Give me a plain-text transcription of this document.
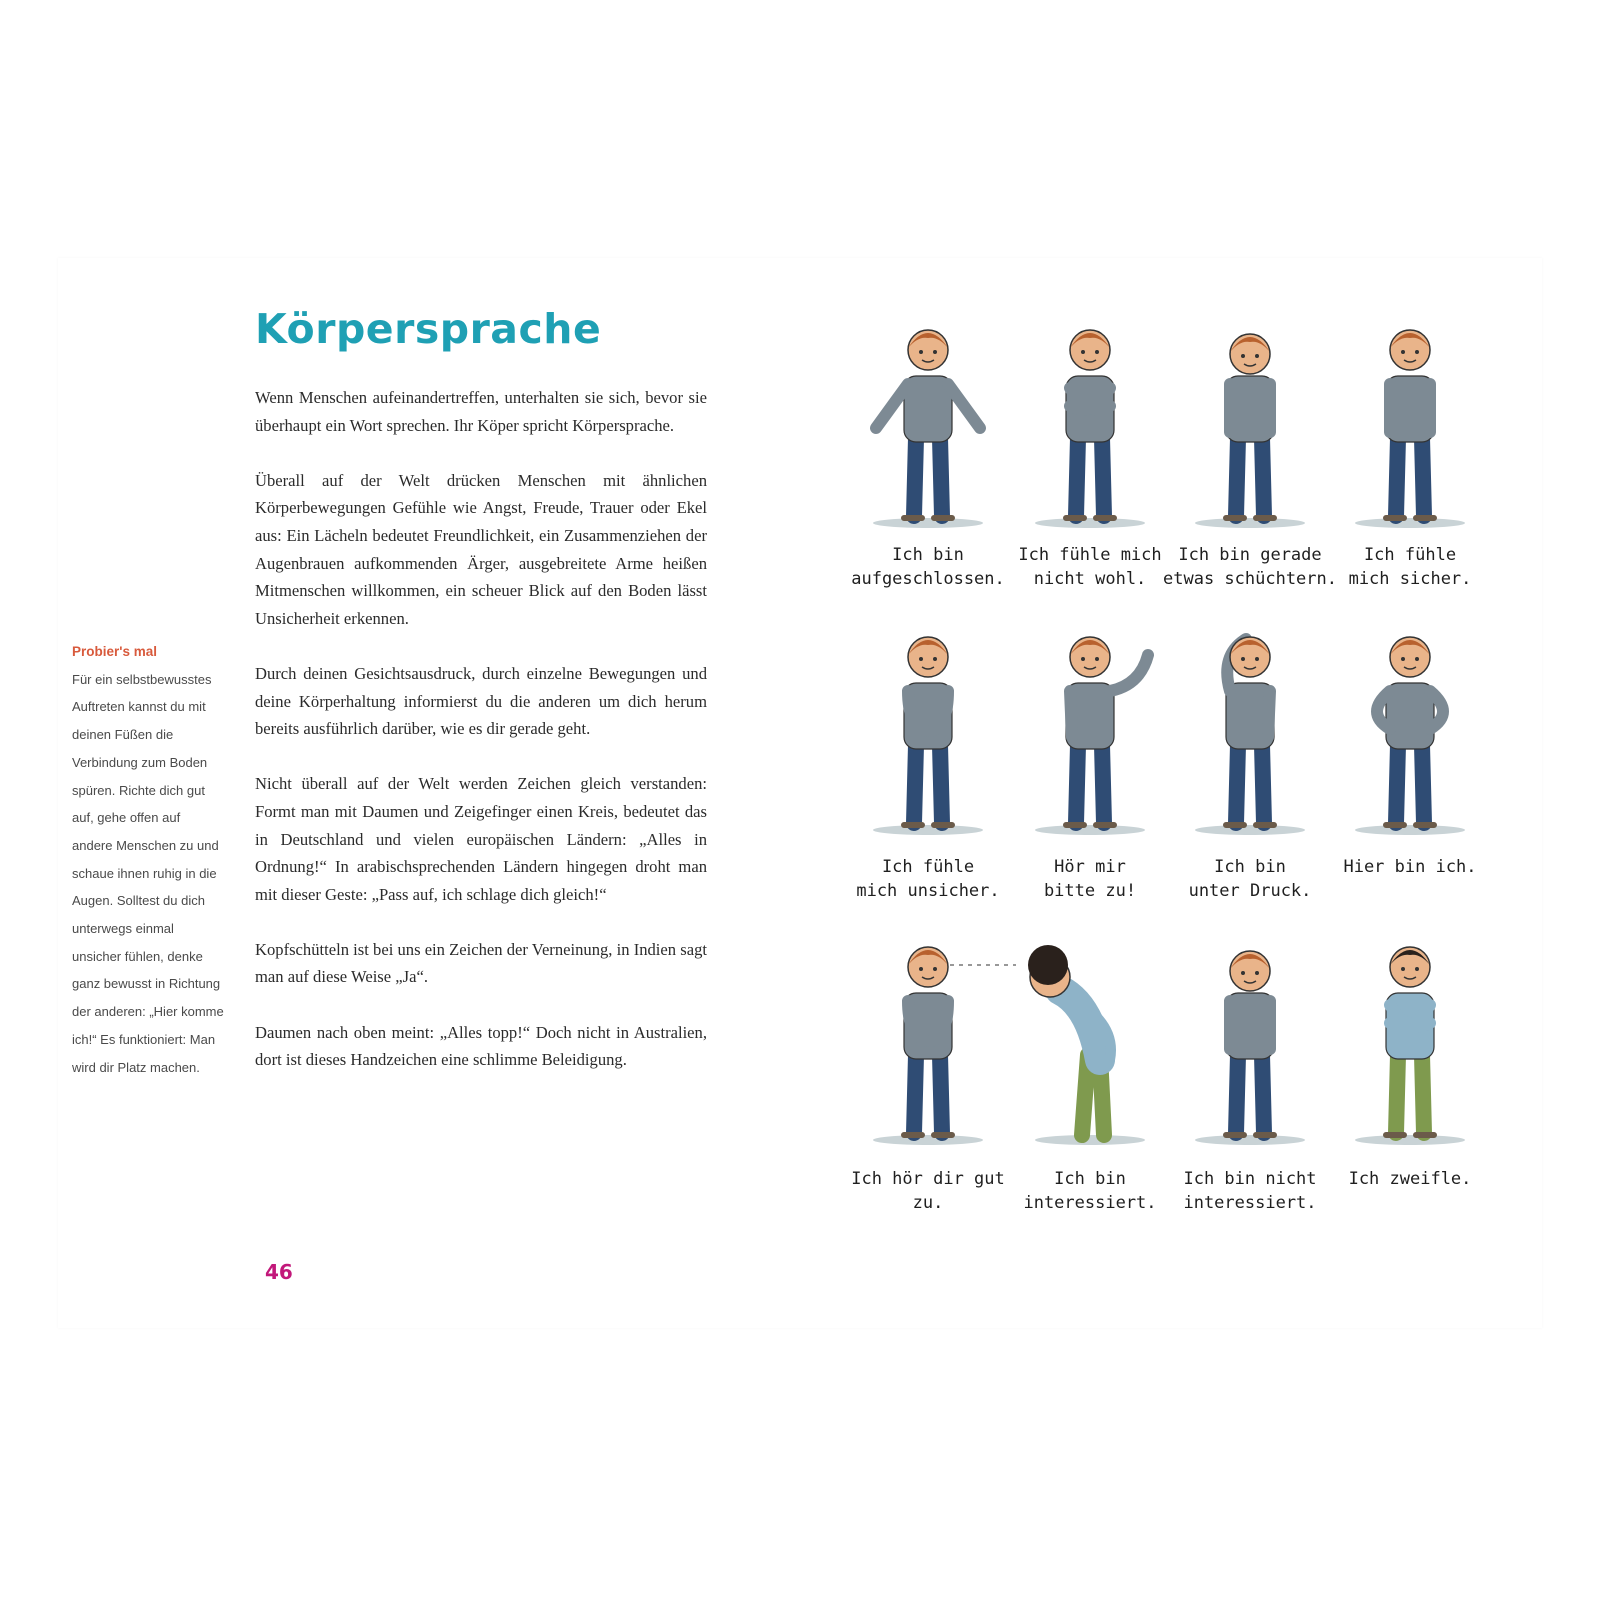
Körpersprache

Wenn Menschen aufeinandertreffen, unterhalten sie sich, bevor sie überhaupt ein Wort sprechen. Ihr Köper spricht Körpersprache.

Überall auf der Welt drücken Menschen mit ähnlichen Körperbewegungen Gefühle wie Angst, Freude, Trauer oder Ekel aus: Ein Lächeln bedeutet Freundlichkeit, ein Zusammenziehen der Augenbrauen aufkommenden Ärger, ausgebreitete Arme heißen Mitmenschen willkommen, ein scheuer Blick auf den Boden lässt Unsicherheit erkennen.

Durch deinen Gesichtsausdruck, durch einzelne Bewegungen und deine Körperhaltung informierst du die anderen um dich herum bereits ausführlich darüber, wie es dir gerade geht.

Nicht überall auf der Welt werden Zeichen gleich verstanden: Formt man mit Daumen und Zeigefinger einen Kreis, bedeutet das in Deutschland und vielen europäischen Ländern: „Alles in Ordnung!“ In arabischsprechenden Ländern hingegen droht man mit dieser Geste: „Pass auf, ich schlage dich gleich!“

Kopfschütteln ist bei uns ein Zeichen der Verneinung, in Indien sagt man auf diese Weise „Ja“.

Daumen nach oben meint: „Alles topp!“ Doch nicht in Australien, dort ist dieses Handzeichen eine schlimme Beleidigung.

Probier's mal
Für ein selbstbewusstes Auftreten kannst du mit deinen Füßen die Verbindung zum Boden spüren. Richte dich gut auf, gehe offen auf andere Menschen zu und schaue ihnen ruhig in die Augen. Solltest du dich unterwegs einmal unsicher fühlen, denke ganz bewusst in Richtung der anderen: „Hier komme ich!“ Es funktioniert: Man wird dir Platz machen.
46
Ich bin
aufgeschlossen.
Ich fühle mich
nicht wohl.
Ich bin gerade
etwas schüchtern.
Ich fühle
mich sicher.
Ich fühle
mich unsicher.
Hör mir
bitte zu!
Ich bin
unter Druck.
Hier bin ich.
Ich hör dir gut zu.
Ich bin
interessiert.
Ich bin nicht
interessiert.
Ich zweifle.
